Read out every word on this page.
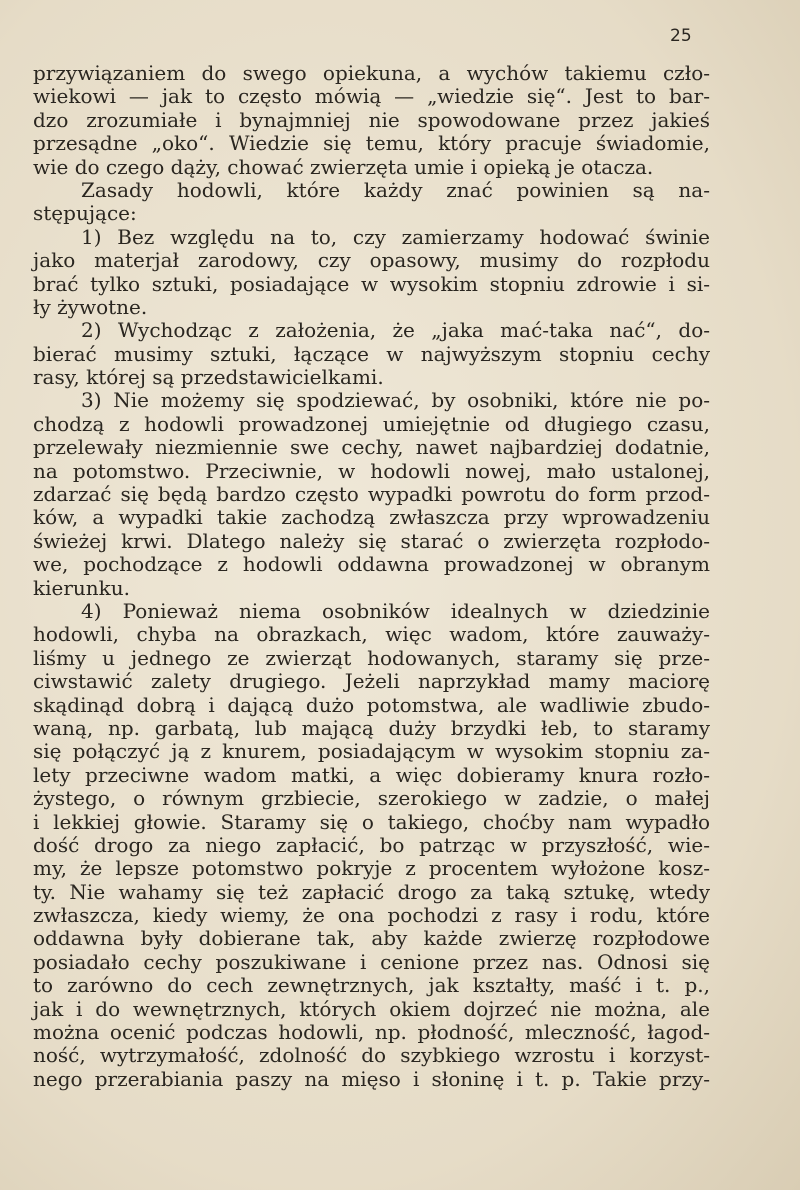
25
przywiązaniem do swego opiekuna, a wychów takiemu czło-
wiekowi — jak to często mówią — „wiedzie się“. Jest to bar-
dzo zrozumiałe i bynajmniej nie spowodowane przez jakieś
przesądne „oko“. Wiedzie się temu, który pracuje świadomie,
wie do czego dąży, chować zwierzęta umie i opieką je otacza.
Zasady hodowli, które każdy znać powinien są na-
stępujące:
1) Bez względu na to, czy zamierzamy hodować świnie
jako materjał zarodowy, czy opasowy, musimy do rozpłodu
brać tylko sztuki, posiadające w wysokim stopniu zdrowie i si-
ły żywotne.
2) Wychodząc z założenia, że „jaka mać-taka nać“, do-
bierać musimy sztuki, łączące w najwyższym stopniu cechy
rasy, której są przedstawicielkami.
3) Nie możemy się spodziewać, by osobniki, które nie po-
chodzą z hodowli prowadzonej umiejętnie od długiego czasu,
przelewały niezmiennie swe cechy, nawet najbardziej dodatnie,
na potomstwo. Przeciwnie, w hodowli nowej, mało ustalonej,
zdarzać się będą bardzo często wypadki powrotu do form przod-
ków, a wypadki takie zachodzą zwłaszcza przy wprowadzeniu
świeżej krwi. Dlatego należy się starać o zwierzęta rozpłodo-
we, pochodzące z hodowli oddawna prowadzonej w obranym
kierunku.
4) Ponieważ niema osobników idealnych w dziedzinie
hodowli, chyba na obrazkach, więc wadom, które zauważy-
liśmy u jednego ze zwierząt hodowanych, staramy się prze-
ciwstawić zalety drugiego. Jeżeli naprzykład mamy maciorę
skądinąd dobrą i dającą dużo potomstwa, ale wadliwie zbudo-
waną, np. garbatą, lub mającą duży brzydki łeb, to staramy
się połączyć ją z knurem, posiadającym w wysokim stopniu za-
lety przeciwne wadom matki, a więc dobieramy knura rozło-
żystego, o równym grzbiecie, szerokiego w zadzie, o małej
i lekkiej głowie. Staramy się o takiego, choćby nam wypadło
dość drogo za niego zapłacić, bo patrząc w przyszłość, wie-
my, że lepsze potomstwo pokryje z procentem wyłożone kosz-
ty. Nie wahamy się też zapłacić drogo za taką sztukę, wtedy
zwłaszcza, kiedy wiemy, że ona pochodzi z rasy i rodu, które
oddawna były dobierane tak, aby każde zwierzę rozpłodowe
posiadało cechy poszukiwane i cenione przez nas. Odnosi się
to zarówno do cech zewnętrznych, jak kształty, maść i t. p.,
jak i do wewnętrznych, których okiem dojrzeć nie można, ale
można ocenić podczas hodowli, np. płodność, mleczność, łagod-
ność, wytrzymałość, zdolność do szybkiego wzrostu i korzyst-
nego przerabiania paszy na mięso i słoninę i t. p. Takie przy-
